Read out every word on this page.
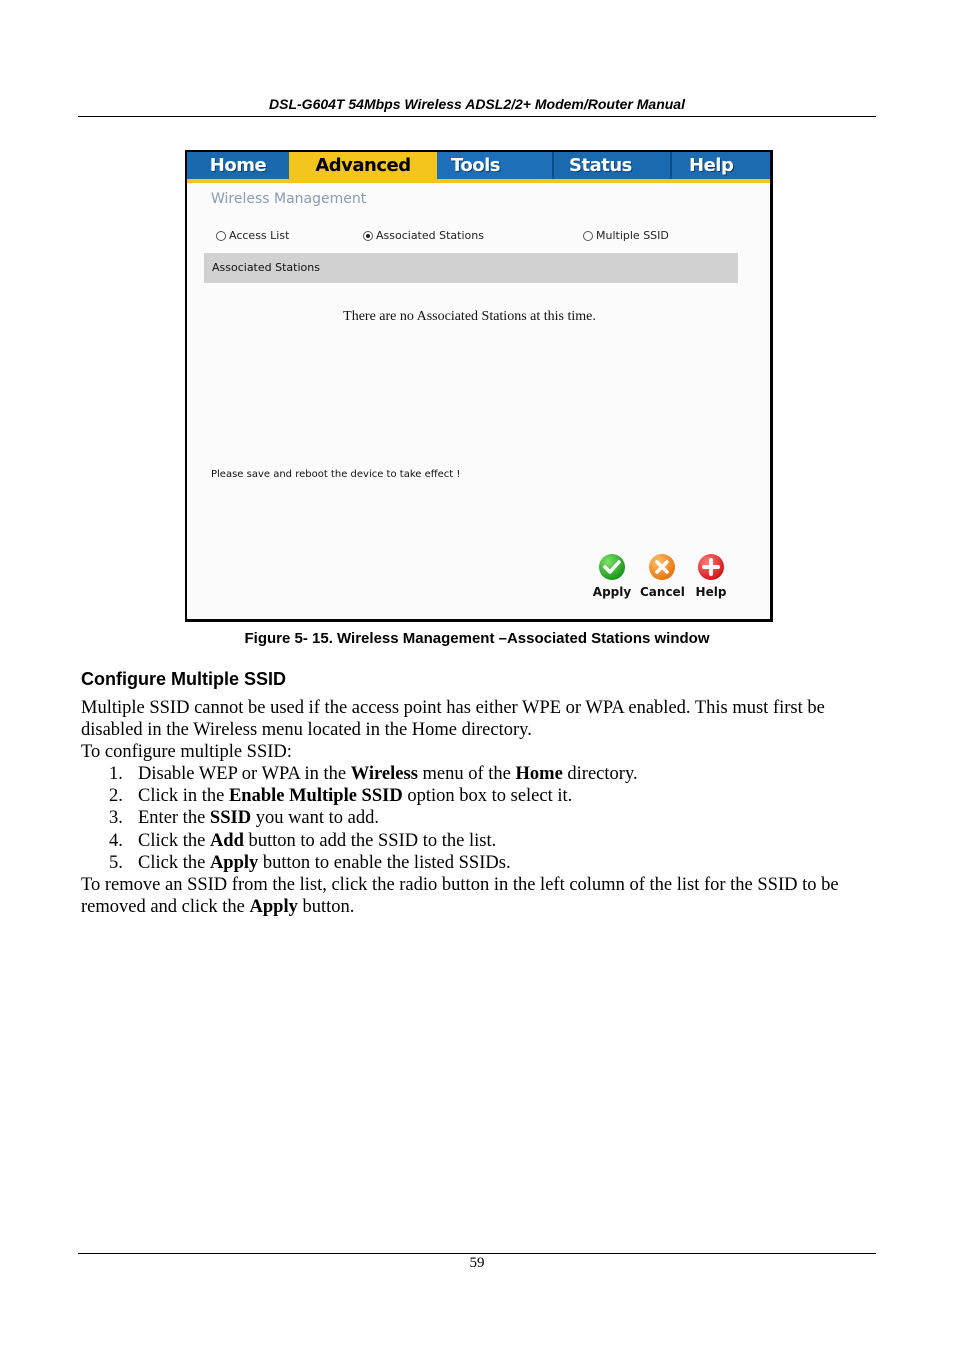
DSL-G604T 54Mbps Wireless ADSL2/2+ Modem/Router Manual
Home	Advanced	Tools	Status	Help
Wireless Management
Access List	Associated Stations	Multiple SSID
Associated Stations
There are no Associated Stations at this time.
Please save and reboot the device to take effect !
Apply Cancel Help
Figure 5- 15. Wireless Management –Associated Stations window
Configure Multiple SSID
Multiple SSID cannot be used if the access point has either WPE or WPA enabled. This must first be disabled in the Wireless menu located in the Home directory.
To configure multiple SSID:
1. Disable WEP or WPA in the Wireless menu of the Home directory.
2. Click in the Enable Multiple SSID option box to select it.
3. Enter the SSID you want to add.
4. Click the Add button to add the SSID to the list.
5. Click the Apply button to enable the listed SSIDs.
To remove an SSID from the list, click the radio button in the left column of the list for the SSID to be removed and click the Apply button.
59
